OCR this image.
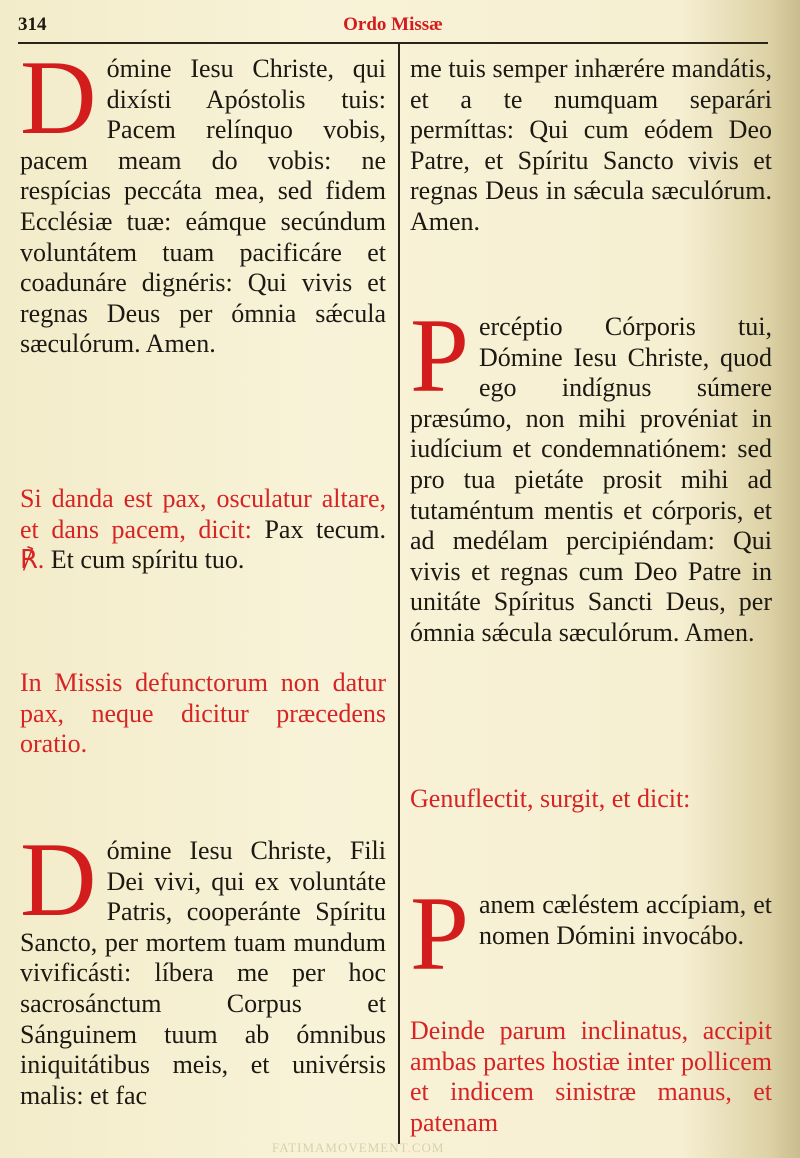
314	Ordo Missæ
D ómine Iesu Christe, qui dixísti Apóstolis tuis: Pacem relínquo vobis, pacem meam do vobis: ne respícias peccáta mea, sed fidem Ecclésiæ tuæ: eámque secúndum voluntátem tuam pacificáre et coadunáre dignéris: Qui vivis et regnas Deus per ómnia sǽcula sæculórum. Amen.
Si danda est pax, osculatur altare, et dans pacem, dicit: Pax tecum. ℟. Et cum spíritu tuo.
In Missis defunctorum non datur pax, neque dicitur præcedens oratio.
D ómine Iesu Christe, Fili Dei vivi, qui ex voluntáte Patris, cooperánte Spíritu Sancto, per mortem tuam mundum vivificásti: líbera me per hoc sacrosánctum Corpus et Sánguinem tuum ab ómnibus iniquitátibus meis, et univérsis malis: et fac
me tuis semper inhærére mandátis, et a te numquam separári permíttas: Qui cum eódem Deo Patre, et Spíritu Sancto vivis et regnas Deus in sǽcula sæculórum. Amen.
P ercéptio Córporis tui, Dómine Iesu Christe, quod ego indígnus súmere præsúmo, non mihi provéniat in iudícium et condemnatiónem: sed pro tua pietáte prosit mihi ad tutaméntum mentis et córporis, et ad medélam percipiéndam: Qui vivis et regnas cum Deo Patre in unitáte Spíritus Sancti Deus, per ómnia sǽcula sæculórum. Amen.
Genuflectit, surgit, et dicit:
P anem cæléstem accípiam, et nomen Dómini invocábo.
Deinde parum inclinatus, accipit ambas partes hostiæ inter pollicem et indicem sinistræ manus, et patenam
FATIMAMOVEMENT.COM
